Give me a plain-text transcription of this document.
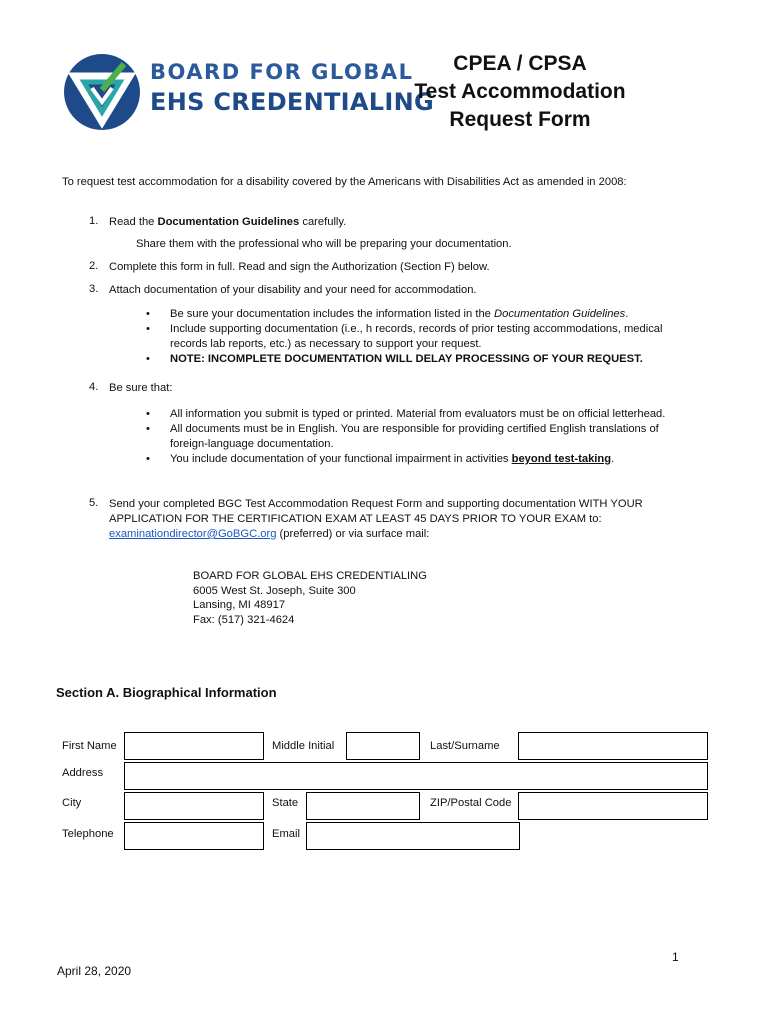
BOARD FOR GLOBAL
EHS CREDENTIALING
CPEA / CPSA
Test Accommodation
Request Form
To request test accommodation for a disability covered by the Americans with Disabilities Act as amended in 2008:
1. Read the Documentation Guidelines carefully.
Share them with the professional who will be preparing your documentation.
2. Complete this form in full. Read and sign the Authorization (Section F) below.
3. Attach documentation of your disability and your need for accommodation.
• Be sure your documentation includes the information listed in the Documentation Guidelines.
• Include supporting documentation (i.e., h records, records of prior testing accommodations, medical records lab reports, etc.) as necessary to support your request.
• NOTE: INCOMPLETE DOCUMENTATION WILL DELAY PROCESSING OF YOUR REQUEST.
4. Be sure that:
• All information you submit is typed or printed. Material from evaluators must be on official letterhead.
• All documents must be in English. You are responsible for providing certified English translations of foreign-language documentation.
• You include documentation of your functional impairment in activities beyond test-taking.
5. Send your completed BGC Test Accommodation Request Form and supporting documentation WITH YOUR APPLICATION FOR THE CERTIFICATION EXAM AT LEAST 45 DAYS PRIOR TO YOUR EXAM to:
examinationdirector@GoBGC.org (preferred) or via surface mail:
BOARD FOR GLOBAL EHS CREDENTIALING
6005 West St. Joseph, Suite 300
Lansing, MI 48917
Fax: (517) 321-4624
Section A. Biographical Information
First Name	Middle Initial	Last/Surname
Address
City	State	ZIP/Postal Code
Telephone	Email
1
April 28, 2020
